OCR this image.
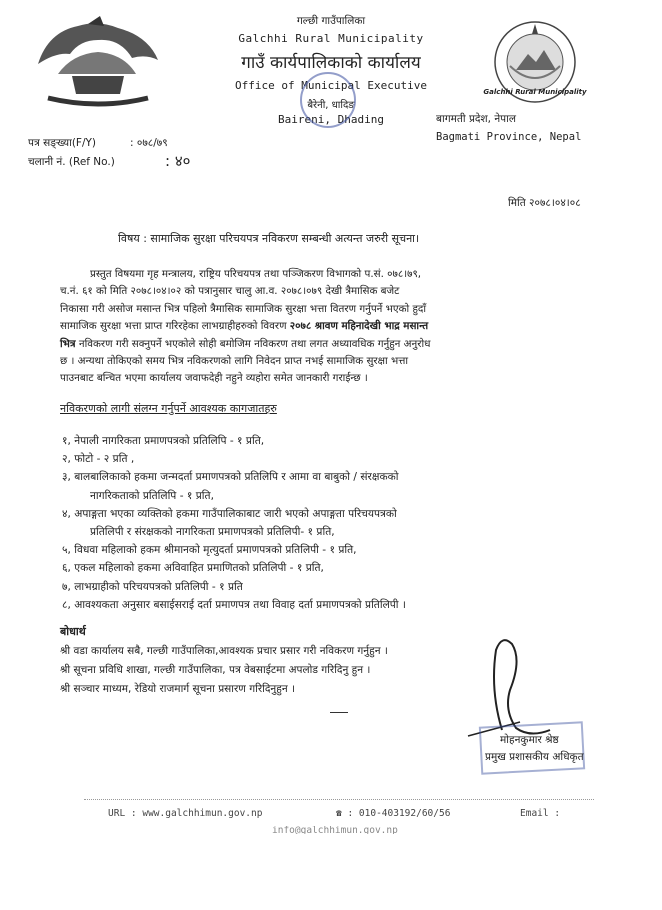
गल्छी गाउँपालिका
Galchhi Rural Municipality
गाउँ कार्यपालिकाको कार्यालय
Office of Municipal Executive
बैरेनी, धादिङ
Baireni, Dhading
Galchhi Rural Municipality
बागमती प्रदेश, नेपाल
Bagmati Province, Nepal
पत्र सङ्ख्या(F/Y)	: ०७८/७९
चलानी नं. (Ref No.)	: ४०
मिति २०७८।०४।०८
विषय : सामाजिक सुरक्षा परिचयपत्र नविकरण सम्बन्धी अत्यन्त जरुरी सूचना।
प्रस्तुत विषयमा गृह मन्त्रालय, राष्ट्रिय परिचयपत्र तथा पञ्जिकरण विभागको प.सं. ०७८।७९,
च.नं. ६१ को मिति २०७८।०४।०२ को पत्रानुसार चालु आ.व. २०७८।०७९ देखी त्रैमासिक बजेट
निकासा गरी असोज मसान्त भित्र पहिलो त्रैमासिक सामाजिक सुरक्षा भत्ता वितरण गर्नुपर्ने भएको हुदाँ
सामाजिक सुरक्षा भत्ता प्राप्त गरिरहेका लाभग्राहीहरुको विवरण २०७८ श्रावण महिनादेखी भाद्र मसान्त
भित्र नविकरण गरी सक्नुपर्ने भएकोले सोही बमोजिम नविकरण तथा लगत अध्यावधिक गर्नुहुन अनुरोध
छ । अन्यथा तोकिएको समय भित्र नविकरणको लागि निवेदन प्राप्त नभई सामाजिक सुरक्षा भत्ता
पाउनबाट बन्चित भएमा कार्यालय जवाफदेही नहुने व्यहोरा समेत जानकारी गराईन्छ ।
नविकरणको लागी संलग्न गर्नुपर्ने आवश्यक कागजातहरु
१, नेपाली नागरिकता प्रमाणपत्रको प्रतिलिपि - १ प्रति,
२, फोटो - २ प्रति ,
३, बालबालिकाको हकमा जन्मदर्ता प्रमाणपत्रको प्रतिलिपि र आमा वा बाबुको / संरक्षकको
नागरिकताको प्रतिलिपि - १ प्रति,
४, अपाङ्गता भएका व्यक्तिको हकमा गाउँपालिकाबाट जारी भएको अपाङ्गता परिचयपत्रको
प्रतिलिपी र संरक्षकको नागरिकता प्रमाणपत्रको प्रतिलिपी- १ प्रति,
५, विधवा महिलाको हकम श्रीमानको मृत्युदर्ता प्रमाणपत्रको प्रतिलिपी - १ प्रति,
६, एकल महिलाको हकमा अविवाहित प्रमाणितको प्रतिलिपी - १ प्रति,
७, लाभग्राहीको परिचयपत्रको प्रतिलिपी - १ प्रति
८, आवश्यकता अनुसार बसाईसराई दर्ता प्रमाणपत्र तथा विवाह दर्ता प्रमाणपत्रको प्रतिलिपी ।
बोधार्थ
श्री वडा कार्यालय सबै, गल्छी गाउँपालिका,आवश्यक प्रचार प्रसार गरी नविकरण गर्नुहुन ।
श्री सूचना प्रविधि शाखा, गल्छी गाउँपालिका, पत्र वेबसाईटमा अपलोड गरिदिनु हुन ।
श्री सञ्चार माध्यम, रेडियो राजमार्ग सूचना प्रसारण गरिदिनुहुन ।
मोहनकुमार श्रेष्ठ
प्रमुख प्रशासकीय अधिकृत
URL : www.galchhimun.gov.np	☎ : 010-403192/60/56	Email :
info@galchhimun.gov.np
